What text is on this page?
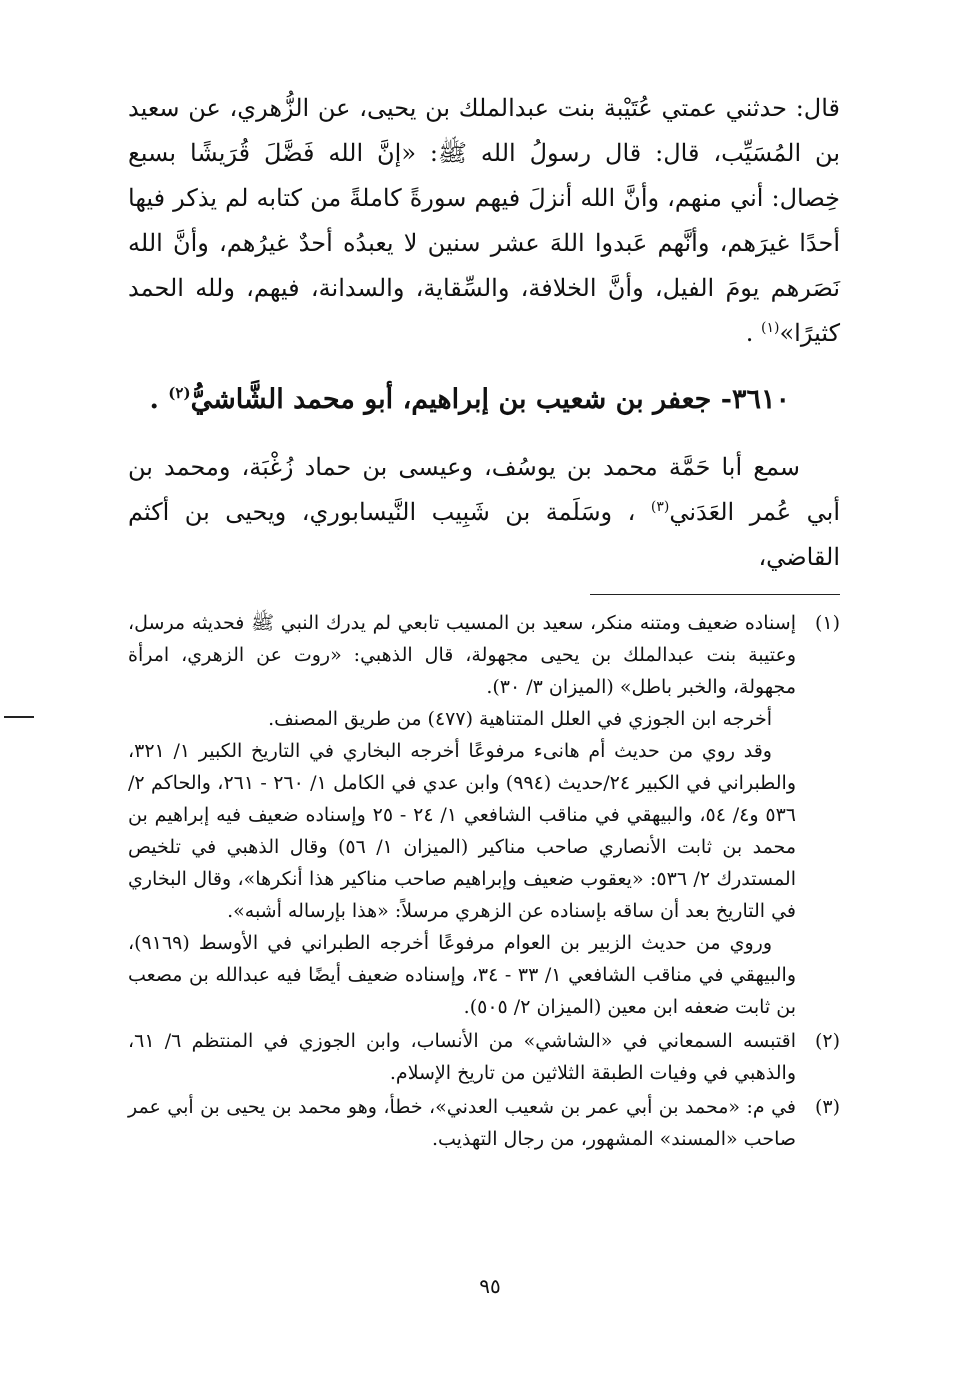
قال: حدثني عمتي عُتَيْبة بنت عبدالملك بن يحيى، عن الزُّهري، عن سعيد بن المُسَيِّب، قال: قال رسولُ الله ﷺ: «إنَّ الله فَضَّلَ قُرَيشًا بسبع خِصال: أني منهم، وأنَّ الله أنزلَ فيهم سورةً كاملةً من كتابه لم يذكر فيها أحدًا غيرَهم، وأنَّهم عَبدوا اللهَ عشر سنين لا يعبدُه أحدٌ غيرُهم، وأنَّ الله نَصَرهم يومَ الفيل، وأنَّ الخلافة، والسِّقاية، والسدانة، فيهم، ولله الحمد كثيرًا»$^{(١)}$ .

٣٦١٠- جعفر بن شعيب بن إبراهيم، أبو محمد الشَّاشيُّ$^{(٢)}$ .

سمع أبا حَمَّة محمد بن يوسُف، وعيسى بن حماد زُغْبَة، ومحمد بن أبي عُمر العَدَني$^{(٣)}$ ، وسَلَمة بن شَبِيب النَّيسابوري، ويحيى بن أكثم القاضي،

(١)

إسناده ضعيف ومتنه منكر، سعيد بن المسيب تابعي لم يدرك النبي ﷺ فحديثه مرسل، وعتيبة بنت عبدالملك بن يحيى مجهولة، قال الذهبي: «روت عن الزهري، امرأة مجهولة، والخبر باطل» (الميزان ٣/ ٣٠).

أخرجه ابن الجوزي في العلل المتناهية (٤٧٧) من طريق المصنف.

وقد روي من حديث أم هانىء مرفوعًا أخرجه البخاري في التاريخ الكبير ١/ ٣٢١، والطبراني في الكبير ٢٤/حديث (٩٩٤) وابن عدي في الكامل ١/ ٢٦٠ - ٢٦١، والحاكم ٢/ ٥٣٦ و٤/ ٥٤، والبيهقي في مناقب الشافعي ١/ ٢٤ - ٢٥ وإسناده ضعيف فيه إبراهيم بن محمد بن ثابت الأنصاري صاحب مناكير (الميزان ١/ ٥٦) وقال الذهبي في تلخيص المستدرك ٢/ ٥٣٦: «يعقوب ضعيف وإبراهيم صاحب مناكير هذا أنكرها»، وقال البخاري في التاريخ بعد أن ساقه بإسناده عن الزهري مرسلاً: «هذا بإرساله أشبه».

وروي من حديث الزبير بن العوام مرفوعًا أخرجه الطبراني في الأوسط (٩١٦٩)، والبيهقي في مناقب الشافعي ١/ ٣٣ - ٣٤، وإسناده ضعيف أيضًا فيه عبدالله بن مصعب بن ثابت ضعفه ابن معين (الميزان ٢/ ٥٠٥).

(٢)

اقتبسه السمعاني في «الشاشي» من الأنساب، وابن الجوزي في المنتظم ٦/ ٦١، والذهبي في وفيات الطبقة الثلاثين من تاريخ الإسلام.

(٣)

في م: «محمد بن أبي عمر بن شعيب العدني»، خطأ، وهو محمد بن يحيى بن أبي عمر صاحب «المسند» المشهور، من رجال التهذيب.

٩٥
